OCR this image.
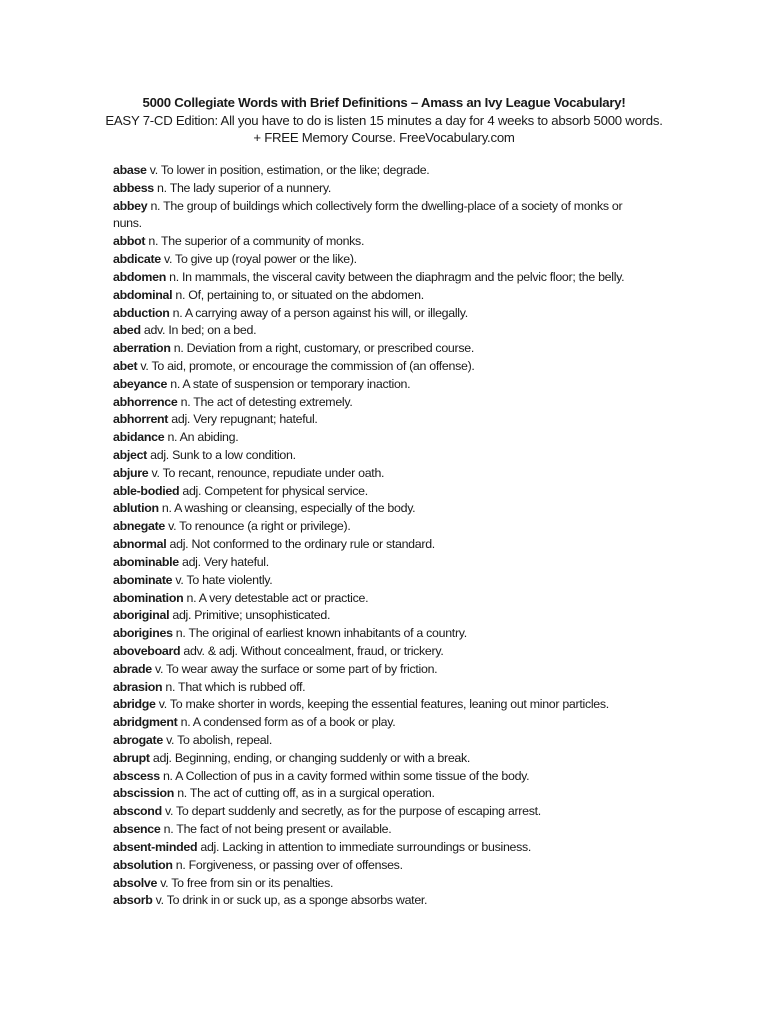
5000 Collegiate Words with Brief Definitions – Amass an Ivy League Vocabulary!
EASY 7-CD Edition: All you have to do is listen 15 minutes a day for 4 weeks to absorb 5000 words. + FREE Memory Course. FreeVocabulary.com
abase v. To lower in position, estimation, or the like; degrade.
abbess n. The lady superior of a nunnery.
abbey n. The group of buildings which collectively form the dwelling-place of a society of monks or nuns.
abbot n. The superior of a community of monks.
abdicate v. To give up (royal power or the like).
abdomen n. In mammals, the visceral cavity between the diaphragm and the pelvic floor; the belly.
abdominal n. Of, pertaining to, or situated on the abdomen.
abduction n. A carrying away of a person against his will, or illegally.
abed adv. In bed; on a bed.
aberration n. Deviation from a right, customary, or prescribed course.
abet v. To aid, promote, or encourage the commission of (an offense).
abeyance n. A state of suspension or temporary inaction.
abhorrence n. The act of detesting extremely.
abhorrent adj. Very repugnant; hateful.
abidance n. An abiding.
abject adj. Sunk to a low condition.
abjure v. To recant, renounce, repudiate under oath.
able-bodied adj. Competent for physical service.
ablution n. A washing or cleansing, especially of the body.
abnegate v. To renounce (a right or privilege).
abnormal adj. Not conformed to the ordinary rule or standard.
abominable adj. Very hateful.
abominate v. To hate violently.
abomination n. A very detestable act or practice.
aboriginal adj. Primitive; unsophisticated.
aborigines n. The original of earliest known inhabitants of a country.
aboveboard adv. & adj. Without concealment, fraud, or trickery.
abrade v. To wear away the surface or some part of by friction.
abrasion n. That which is rubbed off.
abridge v. To make shorter in words, keeping the essential features, leaning out minor particles.
abridgment n. A condensed form as of a book or play.
abrogate v. To abolish, repeal.
abrupt adj. Beginning, ending, or changing suddenly or with a break.
abscess n. A Collection of pus in a cavity formed within some tissue of the body.
abscission n. The act of cutting off, as in a surgical operation.
abscond v. To depart suddenly and secretly, as for the purpose of escaping arrest.
absence n. The fact of not being present or available.
absent-minded adj. Lacking in attention to immediate surroundings or business.
absolution n. Forgiveness, or passing over of offenses.
absolve v. To free from sin or its penalties.
absorb v. To drink in or suck up, as a sponge absorbs water.
